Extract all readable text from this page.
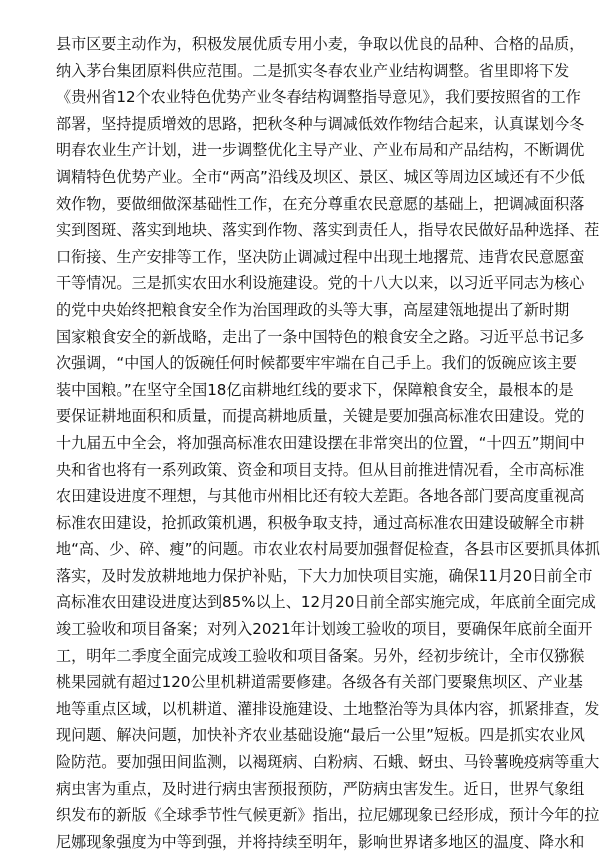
县市区要主动作为，积极发展优质专用小麦，争取以优良的品种、合格的品质，
纳入茅台集团原料供应范围。二是抓实冬春农业产业结构调整。省里即将下发
《贵州省12个农业特色优势产业冬春结构调整指导意见》，我们要按照省的工作
部署，坚持提质增效的思路，把秋冬种与调减低效作物结合起来，认真谋划今冬
明春农业生产计划，进一步调整优化主导产业、产业布局和产品结构，不断调优
调精特色优势产业。全市“两高”沿线及坝区、景区、城区等周边区域还有不少低
效作物，要做细做深基础性工作，在充分尊重农民意愿的基础上，把调减面积落
实到图斑、落实到地块、落实到作物、落实到责任人，指导农民做好品种选择、茬
口衔接、生产安排等工作，坚决防止调减过程中出现土地撂荒、违背农民意愿蛮
干等情况。三是抓实农田水利设施建设。党的十八大以来，以习近平同志为核心
的党中央始终把粮食安全作为治国理政的头等大事，高屋建瓴地提出了新时期
国家粮食安全的新战略，走出了一条中国特色的粮食安全之路。习近平总书记多
次强调，“中国人的饭碗任何时候都要牢牢端在自己手上。我们的饭碗应该主要
装中国粮。”在坚守全国18亿亩耕地红线的要求下，保障粮食安全，最根本的是
要保证耕地面积和质量，而提高耕地质量，关键是要加强高标准农田建设。党的
十九届五中全会，将加强高标准农田建设摆在非常突出的位置，“十四五”期间中
央和省也将有一系列政策、资金和项目支持。但从目前推进情况看，全市高标准
农田建设进度不理想，与其他市州相比还有较大差距。各地各部门要高度重视高
标准农田建设，抢抓政策机遇，积极争取支持，通过高标准农田建设破解全市耕
地“高、少、碎、瘦”的问题。市农业农村局要加强督促检查，各县市区要抓具体抓
落实，及时发放耕地地力保护补贴，下大力加快项目实施，确保11月20日前全市
高标准农田建设进度达到85%以上、12月20日前全部实施完成，年底前全面完成
竣工验收和项目备案；对列入2021年计划竣工验收的项目，要确保年底前全面开
工，明年二季度全面完成竣工验收和项目备案。另外，经初步统计，全市仅猕猴
桃果园就有超过120公里机耕道需要修建。各级各有关部门要聚焦坝区、产业基
地等重点区域，以机耕道、灌排设施建设、土地整治等为具体内容，抓紧排查，发
现问题、解决问题，加快补齐农业基础设施“最后一公里”短板。四是抓实农业风
险防范。要加强田间监测，以褐斑病、白粉病、石蛾、蚜虫、马铃薯晚疫病等重大
病虫害为重点，及时进行病虫害预报预防，严防病虫害发生。近日，世界气象组
织发布的新版《全球季节性气候更新》指出，拉尼娜现象已经形成，预计今年的拉
尼娜现象强度为中等到强，并将持续至明年，影响世界诸多地区的温度、降水和
